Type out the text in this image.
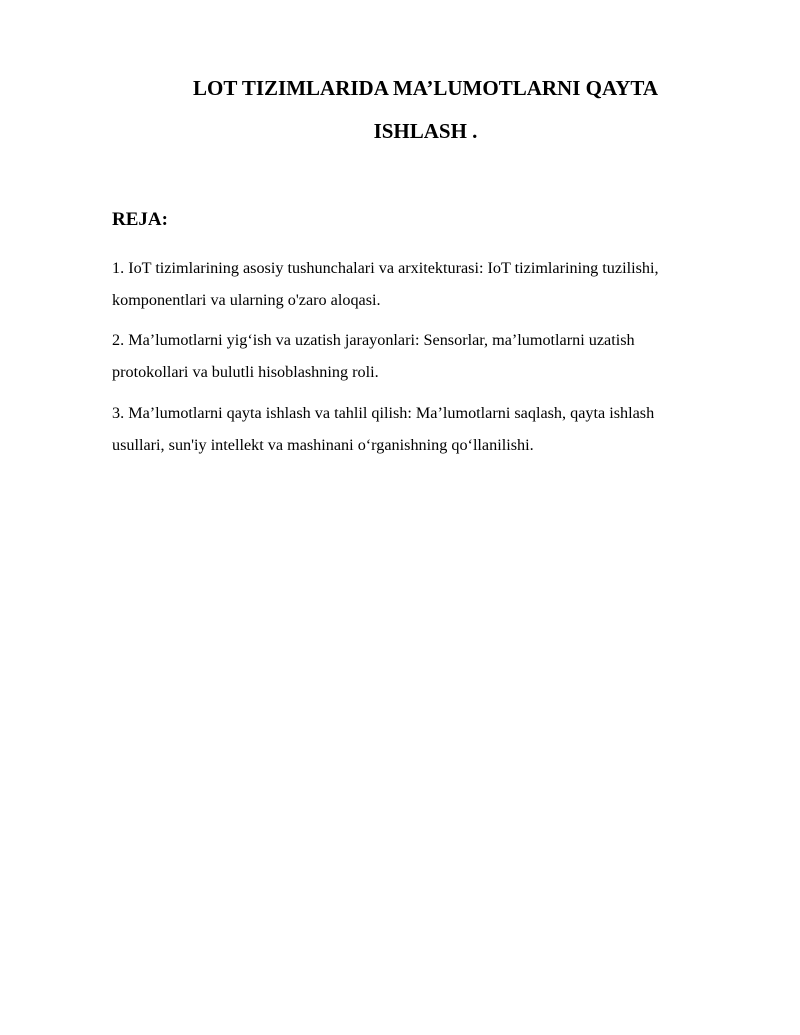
LOT TIZIMLARIDA MA’LUMOTLARNI QAYTA
ISHLASH .
REJA:

1. IoT tizimlarining asosiy tushunchalari va arxitekturasi: IoT tizimlarining tuzilishi,
komponentlari va ularning o'zaro aloqasi.

2. Ma’lumotlarni yig‘ish va uzatish jarayonlari: Sensorlar, ma’lumotlarni uzatish
protokollari va bulutli hisoblashning roli.

3. Ma’lumotlarni qayta ishlash va tahlil qilish: Ma’lumotlarni saqlash, qayta ishlash
usullari, sun'iy intellekt va mashinani o‘rganishning qo‘llanilishi.
